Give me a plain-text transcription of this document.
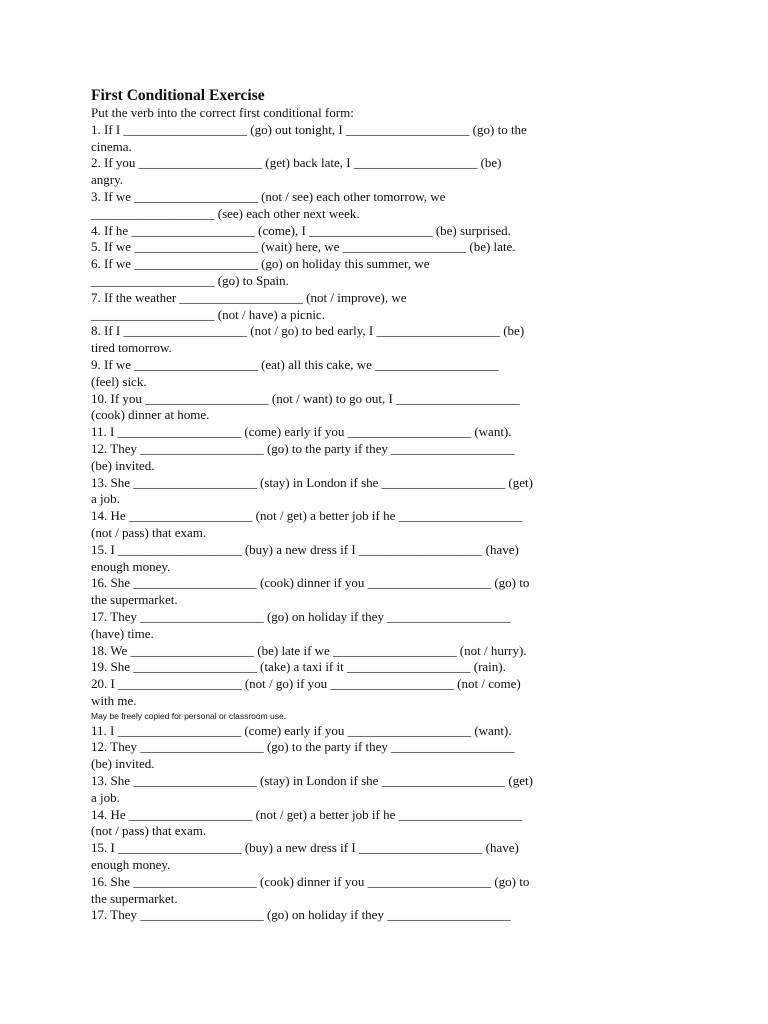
First Conditional Exercise

Put the verb into the correct first conditional form:

1. If I ___________________ (go) out tonight, I ___________________ (go) to the

cinema.

2. If you ___________________ (get) back late, I ___________________ (be)

angry.

3. If we ___________________ (not / see) each other tomorrow, we

___________________ (see) each other next week.

4. If he ___________________ (come), I ___________________ (be) surprised.

5. If we ___________________ (wait) here, we ___________________ (be) late.

6. If we ___________________ (go) on holiday this summer, we

___________________ (go) to Spain.

7. If the weather ___________________ (not / improve), we

___________________ (not / have) a picnic.

8. If I ___________________ (not / go) to bed early, I ___________________ (be)

tired tomorrow.

9. If we ___________________ (eat) all this cake, we ___________________

(feel) sick.

10. If you ___________________ (not / want) to go out, I ___________________

(cook) dinner at home.

11. I ___________________ (come) early if you ___________________ (want).

12. They ___________________ (go) to the party if they ___________________

(be) invited.

13. She ___________________ (stay) in London if she ___________________ (get)

a job.

14. He ___________________ (not / get) a better job if he ___________________

(not / pass) that exam.

15. I ___________________ (buy) a new dress if I ___________________ (have)

enough money.

16. She ___________________ (cook) dinner if you ___________________ (go) to

the supermarket.

17. They ___________________ (go) on holiday if they ___________________

(have) time.

18. We ___________________ (be) late if we ___________________ (not / hurry).

19. She ___________________ (take) a taxi if it ___________________ (rain).

20. I ___________________ (not / go) if you ___________________ (not / come)

with me.

May be freely copied for personal or classroom use.

11. I ___________________ (come) early if you ___________________ (want).

12. They ___________________ (go) to the party if they ___________________

(be) invited.

13. She ___________________ (stay) in London if she ___________________ (get)

a job.

14. He ___________________ (not / get) a better job if he ___________________

(not / pass) that exam.

15. I ___________________ (buy) a new dress if I ___________________ (have)

enough money.

16. She ___________________ (cook) dinner if you ___________________ (go) to

the supermarket.

17. They ___________________ (go) on holiday if they ___________________
